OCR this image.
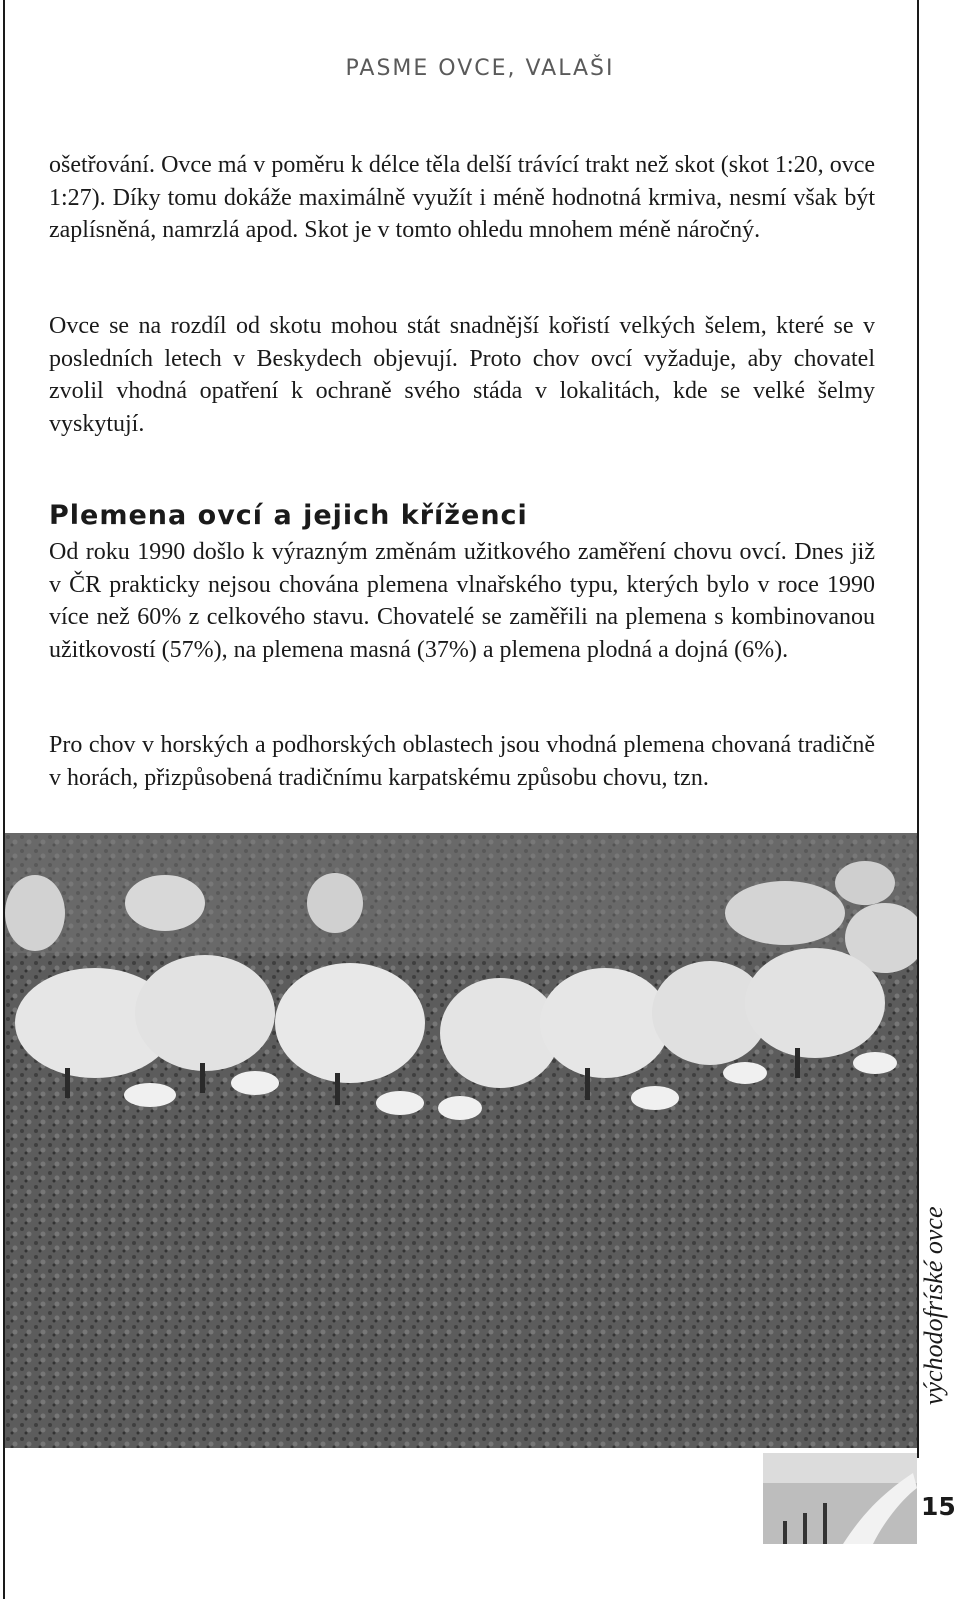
PASME OVCE, VALAŠI

ošetřování. Ovce má v poměru k délce těla delší trávící trakt než skot (skot 1:20, ovce 1:27). Díky tomu dokáže maximálně využít i méně hodnotná krmiva, nesmí však být zaplísněná, namrzlá apod. Skot je v tomto ohledu mnohem méně náročný.

Ovce se na rozdíl od skotu mohou stát snadnější kořistí velkých šelem, které se v posledních letech v Beskydech objevují. Proto chov ovcí vyžaduje, aby chovatel zvolil vhodná opatření k ochraně svého stáda v lokalitách, kde se velké šelmy vyskytují.

Plemena ovcí a jejich kříženci

Od roku 1990 došlo k výrazným změnám užitkového zaměření chovu ovcí. Dnes již v ČR prakticky nejsou chována plemena vlnařského typu, kterých bylo v roce 1990 více než 60% z celkového stavu. Chovatelé se zaměřili na plemena s kombinovanou užitkovostí (57%), na plemena masná (37%) a plemena plodná a dojná (6%).

Pro chov v horských a podhorských oblastech jsou vhodná plemena chovaná tradičně v horách, přizpůsobená tradičnímu karpatskému způsobu chovu, tzn.

východofríské ovce
15
